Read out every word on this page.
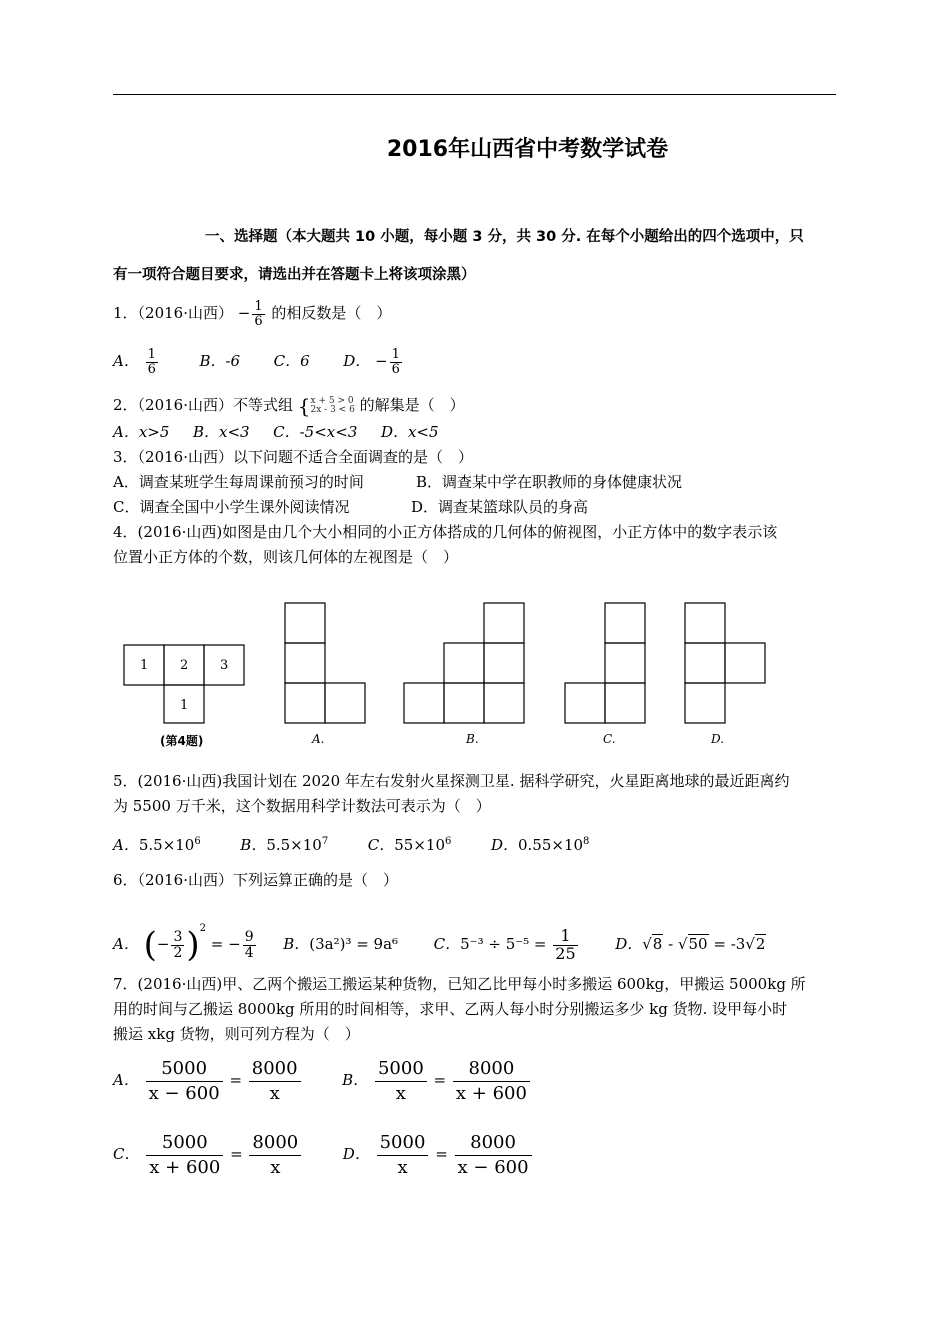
2016年山西省中考数学试卷
一、选择题（本大题共 10 小题，每小题 3 分，共 30 分. 在每个小题给出的四个选项中，只
有一项符合题目要求，请选出并在答题卡上将该项涂黑）
1．（2016·山西） − $\frac{1}{6}$ 的相反数是（　）
A． $\frac{1}{6}$	B．-6 C．6 D． − $\frac{1}{6}$
2．（2016·山西）不等式组 { x + 5 > 0
2x - 3 < 6 的解集是（　）
A．x>5 B．x<3 C．-5<x<3 D．x<5
3．（2016·山西）以下问题不适合全面调查的是（　）
A．调查某班学生每周课前预习的时间	B．调查某中学在职教师的身体健康状况
C．调查全国中小学生课外阅读情况	D．调查某篮球队员的身高
4．(2016·山西)如图是由几个大小相同的小正方体搭成的几何体的俯视图，小正方体中的数字表示该
位置小正方体的个数，则该几何体的左视图是（　）
1 2 3
1
(第4题)	A.	B.	C.	D.
5．(2016·山西)我国计划在 2020 年左右发射火星探测卫星. 据科学研究，火星距离地球的最近距离约
为 5500 万千米，这个数据用科学计数法可表示为（　）
A．$5.5\times 10^6$	B．$5.5\times 10^7$	C．$55\times 10^6$	D．$0.55\times 10^8$
6．（2016·山西）下列运算正确的是（　）
A． (− $\frac{3}{2} )^2$ = − $\frac{9}{4}$ B．(3a²)³ = 9a⁶ C．$5^{-3} \div 5^{-5} = \frac{1}{25}$	D．√8 - √50 = -3√2
7．(2016·山西)甲、乙两个搬运工搬运某种货物，已知乙比甲每小时多搬运 600kg，甲搬运 5000kg 所
用的时间与乙搬运 8000kg 所用的时间相等，求甲、乙两人每小时分别搬运多少 kg 货物. 设甲每小时
搬运 xkg 货物，则可列方程为（　）
A． $\frac{5000}{x - 600} = \frac{8000}{x}$	B． $\frac{5000}{x} = \frac{8000}{x + 600}$
C． $\frac{5000}{x + 600} = \frac{8000}{x}$	D． $\frac{5000}{x} = \frac{8000}{x - 600}$
